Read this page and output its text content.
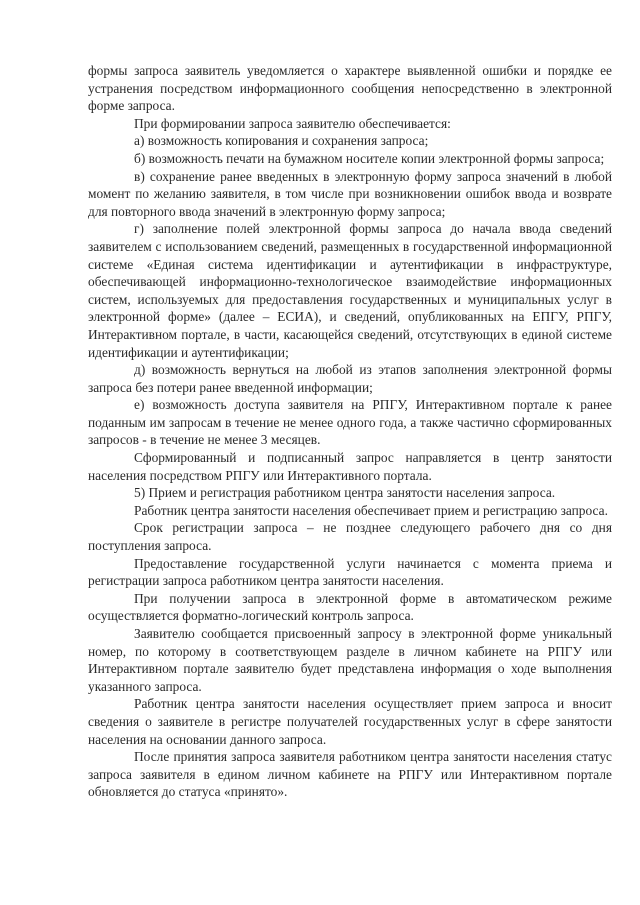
формы запроса заявитель уведомляется о характере выявленной ошибки и порядке ее устранения посредством информационного сообщения непосредственно в электронной форме запроса.

При формировании запроса заявителю обеспечивается:

а) возможность копирования и сохранения запроса;

б) возможность печати на бумажном носителе копии электронной формы запроса;

в) сохранение ранее введенных в электронную форму запроса значений в любой момент по желанию заявителя, в том числе при возникновении ошибок ввода и возврате для повторного ввода значений в электронную форму запроса;

г) заполнение полей электронной формы запроса до начала ввода сведений заявителем с использованием сведений, размещенных в государственной информационной системе «Единая система идентификации и аутентификации в инфраструктуре, обеспечивающей информационно-технологическое взаимодействие информационных систем, используемых для предоставления государственных и муниципальных услуг в электронной форме» (далее – ЕСИА), и сведений, опубликованных на ЕПГУ, РПГУ, Интерактивном портале, в части, касающейся сведений, отсутствующих в единой системе идентификации и аутентификации;

д) возможность вернуться на любой из этапов заполнения электронной формы запроса без потери ранее введенной информации;

е) возможность доступа заявителя на РПГУ, Интерактивном портале к ранее поданным им запросам в течение не менее одного года, а также частично сформированных запросов - в течение не менее 3 месяцев.

Сформированный и подписанный запрос направляется в центр занятости населения посредством РПГУ или Интерактивного портала.

5) Прием и регистрация работником центра занятости населения запроса.

Работник центра занятости населения обеспечивает прием и регистрацию запроса.

Срок регистрации запроса – не позднее следующего рабочего дня со дня поступления запроса.

Предоставление государственной услуги начинается с момента приема и регистрации запроса работником центра занятости населения.

При получении запроса в электронной форме в автоматическом режиме осуществляется форматно-логический контроль запроса.

Заявителю сообщается присвоенный запросу в электронной форме уникальный номер, по которому в соответствующем разделе в личном кабинете на РПГУ или Интерактивном портале заявителю будет представлена информация о ходе выполнения указанного запроса.

Работник центра занятости населения осуществляет прием запроса и вносит сведения о заявителе в регистре получателей государственных услуг в сфере занятости населения на основании данного запроса.

После принятия запроса заявителя работником центра занятости населения статус запроса заявителя в едином личном кабинете на РПГУ или Интерактивном портале обновляется до статуса «принято».
